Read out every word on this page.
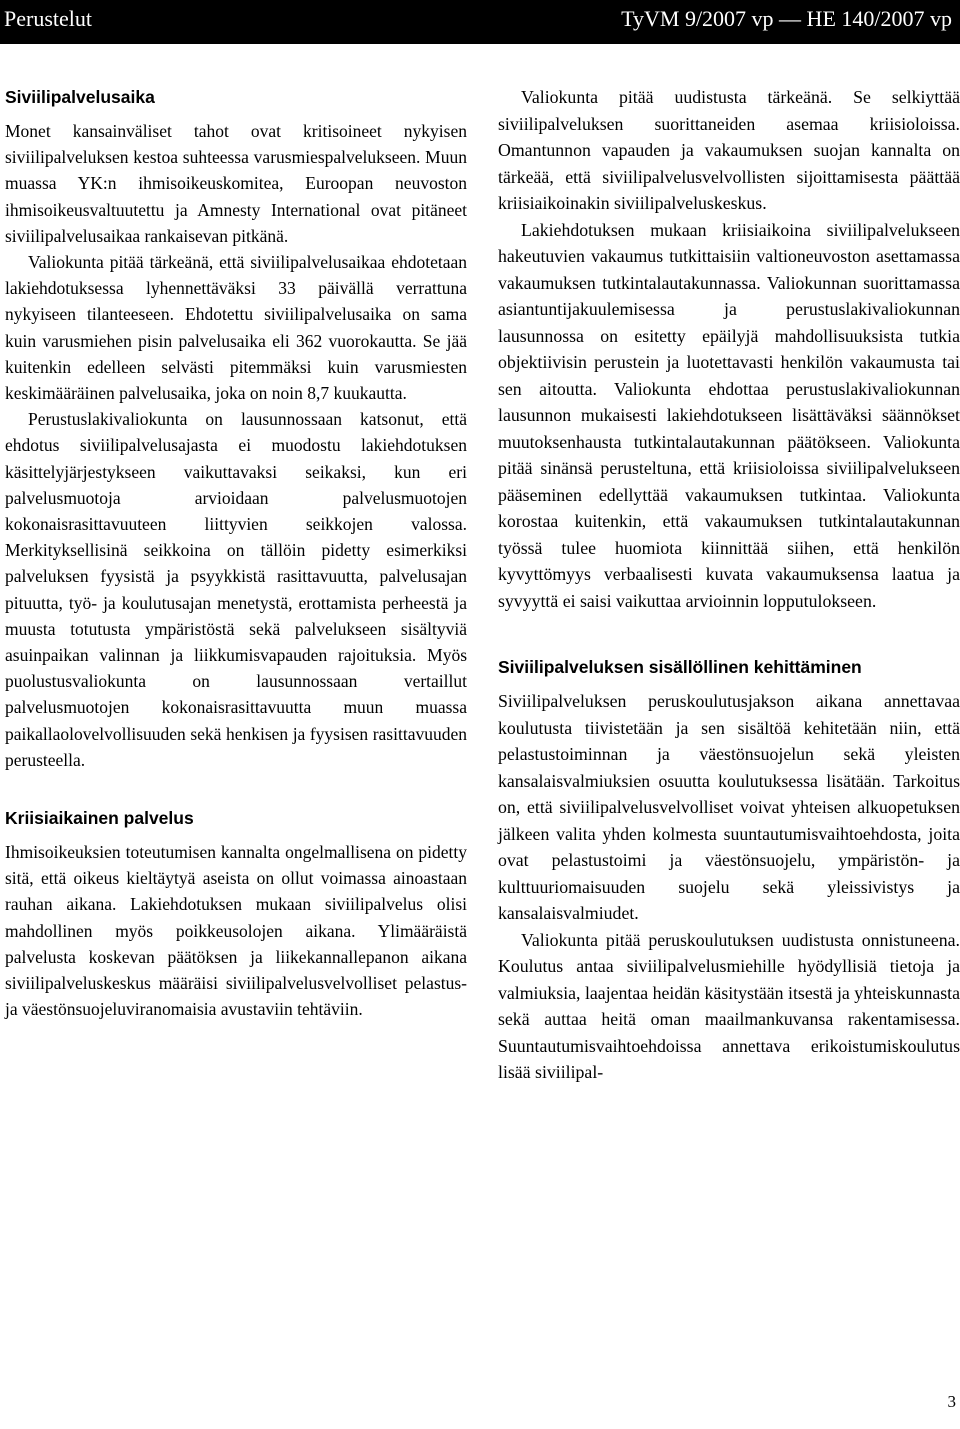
Perustelut	TyVM 9/2007 vp — HE 140/2007 vp
Siviilipalvelusaika

Monet kansainväliset tahot ovat kritisoineet nykyisen siviilipalveluksen kestoa suhteessa varusmiespalvelukseen. Muun muassa YK:n ihmisoikeuskomitea, Euroopan neuvoston ihmisoikeusvaltuutettu ja Amnesty International ovat pitäneet siviilipalvelusaikaa rankaisevan pitkänä.

Valiokunta pitää tärkeänä, että siviilipalvelusaikaa ehdotetaan lakiehdotuksessa lyhennettäväksi 33 päivällä verrattuna nykyiseen tilanteeseen. Ehdotettu siviilipalvelusaika on sama kuin varusmiehen pisin palvelusaika eli 362 vuorokautta. Se jää kuitenkin edelleen selvästi pitemmäksi kuin varusmiesten keskimääräinen palvelusaika, joka on noin 8,7 kuukautta.

Perustuslakivaliokunta on lausunnossaan katsonut, että ehdotus siviilipalvelusajasta ei muodostu lakiehdotuksen käsittelyjärjestykseen vaikuttavaksi seikaksi, kun eri palvelusmuotoja arvioidaan palvelusmuotojen kokonaisrasittavuuteen liittyvien seikkojen valossa. Merkityksellisinä seikkoina on tällöin pidetty esimerkiksi palveluksen fyysistä ja psyykkistä rasittavuutta, palvelusajan pituutta, työ- ja koulutusajan menetystä, erottamista perheestä ja muusta totutusta ympäristöstä sekä palvelukseen sisältyviä asuinpaikan valinnan ja liikkumisvapauden rajoituksia. Myös puolustusvaliokunta on lausunnossaan vertaillut palvelusmuotojen kokonaisrasittavuutta muun muassa paikallaolovelvollisuuden sekä henkisen ja fyysisen rasittavuuden perusteella.

Kriisiaikainen palvelus

Ihmisoikeuksien toteutumisen kannalta ongelmallisena on pidetty sitä, että oikeus kieltäytyä aseista on ollut voimassa ainoastaan rauhan aikana. Lakiehdotuksen mukaan siviilipalvelus olisi mahdollinen myös poikkeusolojen aikana. Ylimääräistä palvelusta koskevan päätöksen ja liikekannallepanon aikana siviilipalveluskeskus määräisi siviilipalvelusvelvolliset pelastus- ja väestönsuojeluviranomaisia avustaviin tehtäviin.

Valiokunta pitää uudistusta tärkeänä. Se selkiyttää siviilipalveluksen suorittaneiden asemaa kriisioloissa. Omantunnon vapauden ja vakaumuksen suojan kannalta on tärkeää, että siviilipalvelusvelvollisten sijoittamisesta päättää kriisiaikoinakin siviilipalveluskeskus.

Lakiehdotuksen mukaan kriisiaikoina siviilipalvelukseen hakeutuvien vakaumus tutkittaisiin valtioneuvoston asettamassa vakaumuksen tutkintalautakunnassa. Valiokunnan suorittamassa asiantuntijakuulemisessa ja perustuslakivaliokunnan lausunnossa on esitetty epäilyjä mahdollisuuksista tutkia objektiivisin perustein ja luotettavasti henkilön vakaumusta tai sen aitoutta. Valiokunta ehdottaa perustuslakivaliokunnan lausunnon mukaisesti lakiehdotukseen lisättäväksi säännökset muutoksenhausta tutkintalautakunnan päätökseen. Valiokunta pitää sinänsä perusteltuna, että kriisioloissa siviilipalvelukseen pääseminen edellyttää vakaumuksen tutkintaa. Valiokunta korostaa kuitenkin, että vakaumuksen tutkintalautakunnan työssä tulee huomiota kiinnittää siihen, että henkilön kyvyttömyys verbaalisesti kuvata vakaumuksensa laatua ja syvyyttä ei saisi vaikuttaa arvioinnin lopputulokseen.

Siviilipalveluksen sisällöllinen kehittäminen

Siviilipalveluksen peruskoulutusjakson aikana annettavaa koulutusta tiivistetään ja sen sisältöä kehitetään niin, että pelastustoiminnan ja väestönsuojelun sekä yleisten kansalaisvalmiuksien osuutta koulutuksessa lisätään. Tarkoitus on, että siviilipalvelusvelvolliset voivat yhteisen alkuopetuksen jälkeen valita yhden kolmesta suuntautumisvaihtoehdosta, joita ovat pelastustoimi ja väestönsuojelu, ympäristön- ja kulttuuriomaisuuden suojelu sekä yleissivistys ja kansalaisvalmiudet.

Valiokunta pitää peruskoulutuksen uudistusta onnistuneena. Koulutus antaa siviilipalvelusmiehille hyödyllisiä tietoja ja valmiuksia, laajentaa heidän käsitystään itsestä ja yhteiskunnasta sekä auttaa heitä oman maailmankuvansa rakentamisessa. Suuntautumisvaihtoehdoissa annettava erikoistumiskoulutus lisää siviilipal-

3
